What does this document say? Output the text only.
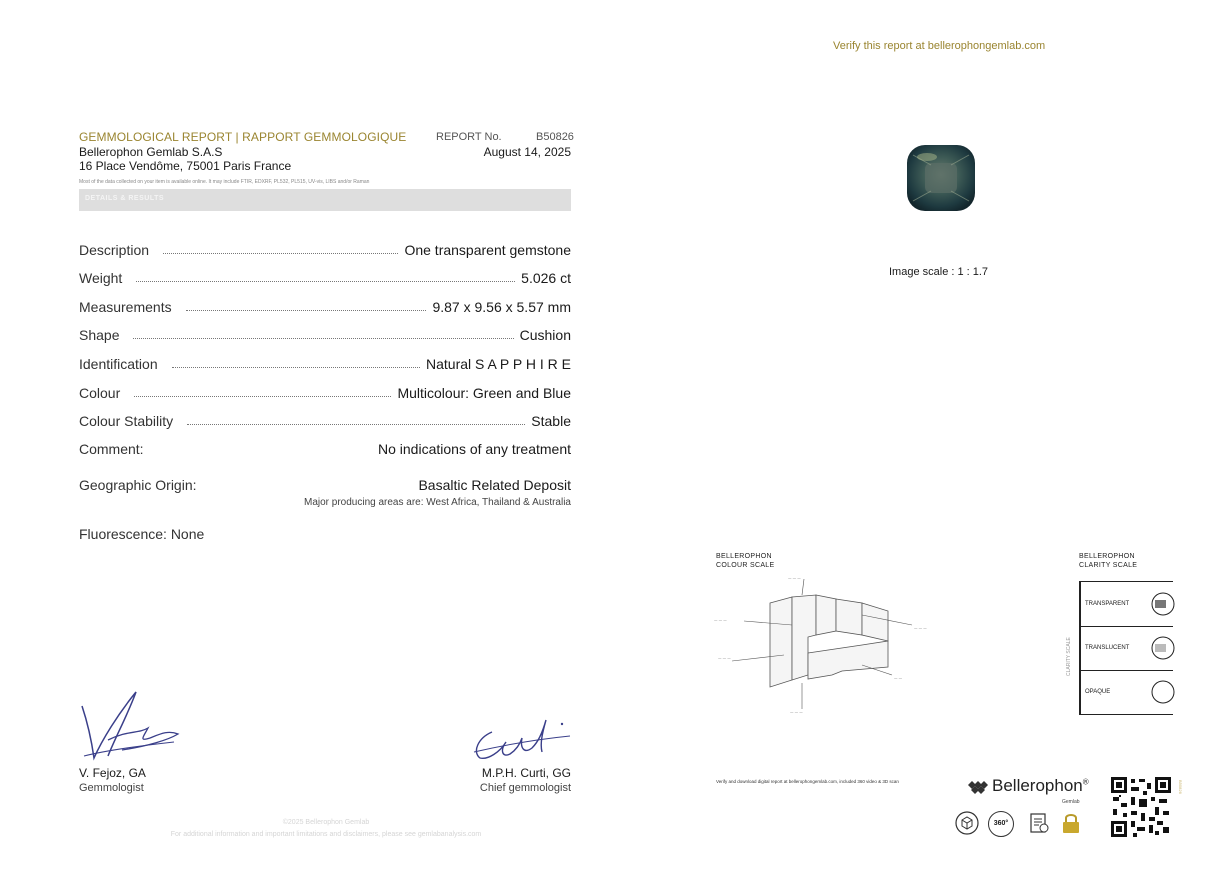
Verify this report at bellerophongemlab.com
GEMMOLOGICAL REPORT | RAPPORT GEMMOLOGIQUE	REPORT No.	B50826
Bellerophon Gemlab S.A.S	August 14, 2025
16 Place Vendôme, 75001 Paris France
Most of the data collected on your item is available online. It may include FTIR, EDXRF, PL532, PL515, UV-vis, LIBS and/or Raman
DETAILS & RESULTS
Description	One transparent gemstone
Weight	5.026 ct
Measurements	9.87 x 9.56 x 5.57 mm
Shape	Cushion
Identification	Natural S A P P H I R E
Colour	Multicolour: Green and Blue
Colour Stability	Stable
Comment:	No indications of any treatment
Geographic Origin:	Basaltic Related Deposit
Major producing areas are: West Africa, Thailand & Australia
Fluorescence: None
V. Fejoz, GA
Gemmologist
M.P.H. Curti, GG
Chief gemmologist
©2025 Bellerophon Gemlab
For additional information and important limitations and disclaimers, please see gemlabanalysis.com
Image scale : 1 : 1.7
BELLEROPHON COLOUR SCALE
— — —
— — —
— — —
— — —
— —
— — —
BELLEROPHON CLARITY SCALE
CLARITY SCALE
TRANSPARENT
TRANSLUCENT
OPAQUE
Verify and download digital report at bellerophongemlab.com, included 360 video & 3D scan	Bellerophon®
Gemlab
360°
B50826
